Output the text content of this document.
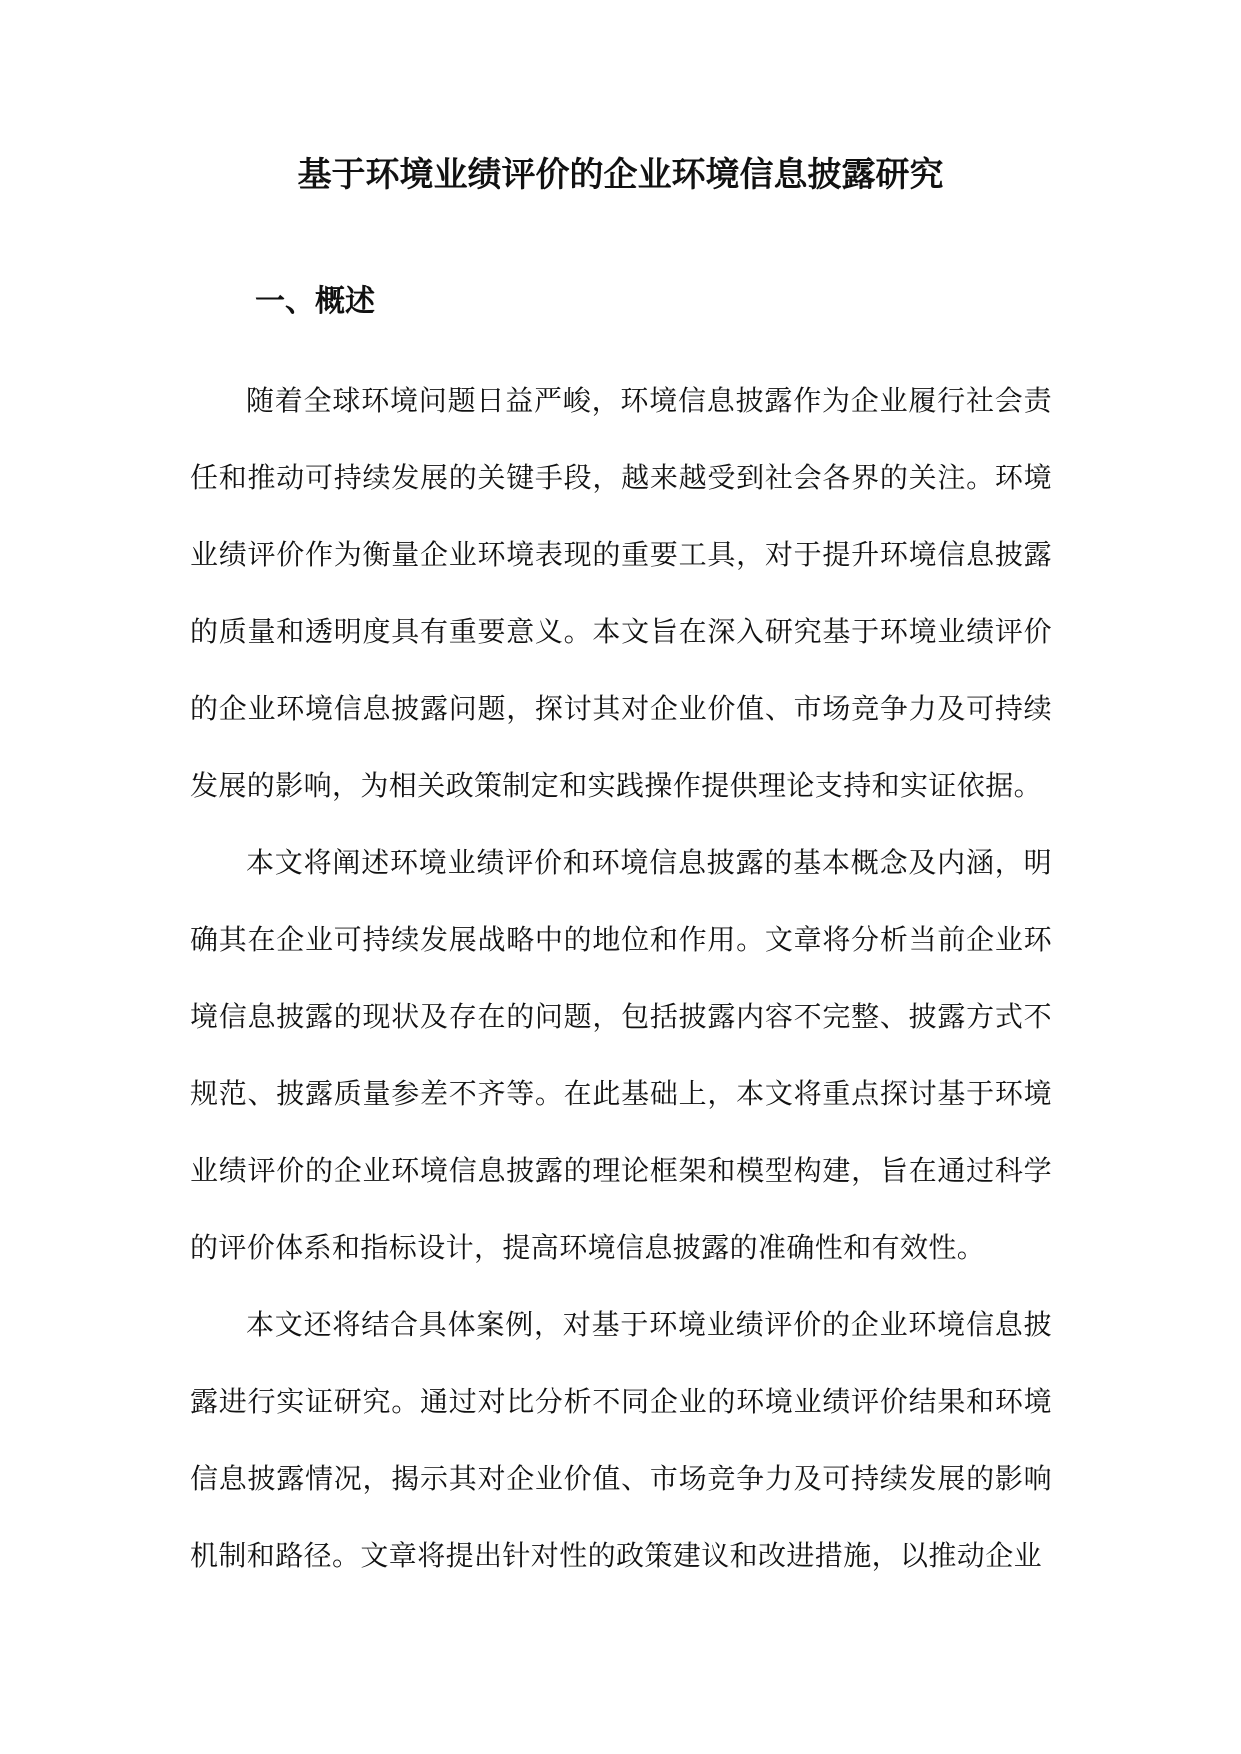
基于环境业绩评价的企业环境信息披露研究
一、概述

随着全球环境问题日益严峻，环境信息披露作为企业履行社会责任和推动可持续发展的关键手段，越来越受到社会各界的关注。环境业绩评价作为衡量企业环境表现的重要工具，对于提升环境信息披露的质量和透明度具有重要意义。本文旨在深入研究基于环境业绩评价的企业环境信息披露问题，探讨其对企业价值、市场竞争力及可持续发展的影响，为相关政策制定和实践操作提供理论支持和实证依据。

本文将阐述环境业绩评价和环境信息披露的基本概念及内涵，明确其在企业可持续发展战略中的地位和作用。文章将分析当前企业环境信息披露的现状及存在的问题，包括披露内容不完整、披露方式不规范、披露质量参差不齐等。在此基础上，本文将重点探讨基于环境业绩评价的企业环境信息披露的理论框架和模型构建，旨在通过科学的评价体系和指标设计，提高环境信息披露的准确性和有效性。

本文还将结合具体案例，对基于环境业绩评价的企业环境信息披露进行实证研究。通过对比分析不同企业的环境业绩评价结果和环境信息披露情况，揭示其对企业价值、市场竞争力及可持续发展的影响机制和路径。文章将提出针对性的政策建议和改进措施，以推动企业
